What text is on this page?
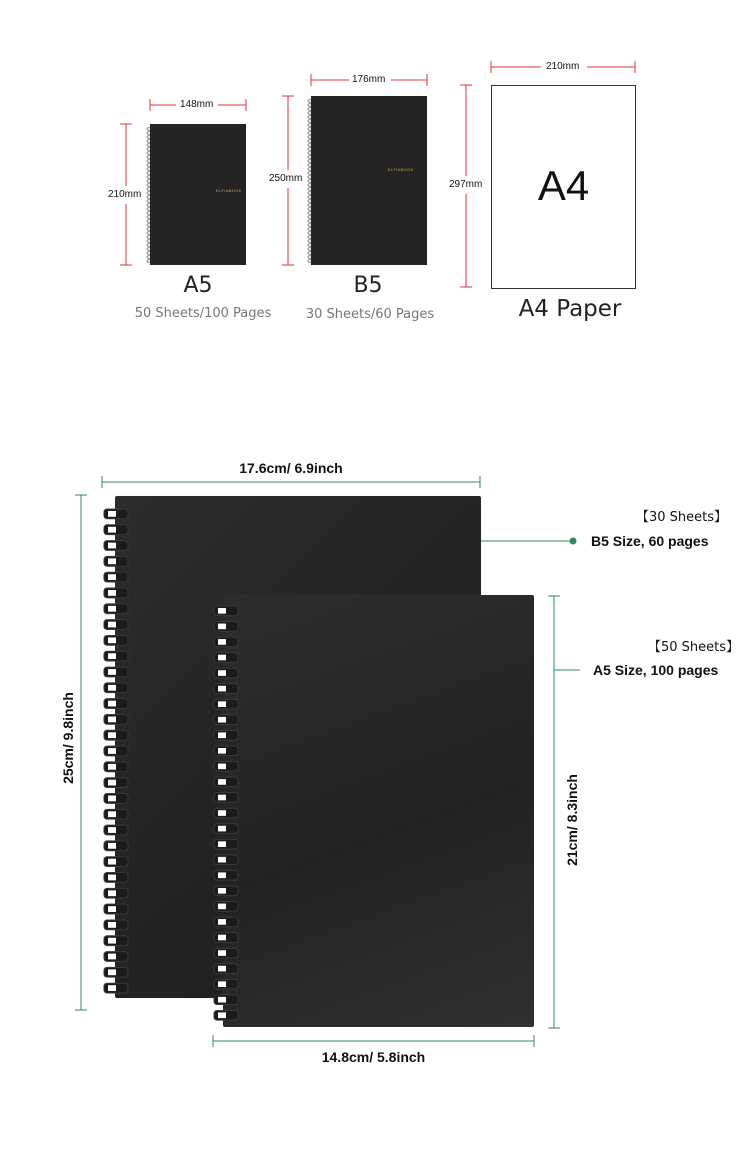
ELFINBOOK
148mm
210mm
A5
50 Sheets/100 Pages
ELFINBOOK
176mm
250mm
B5
30 Sheets/60 Pages
A4
210mm
297mm
A4 Paper
17.6cm/ 6.9inch
25cm/ 9.8inch
14.8cm/ 5.8inch
21cm/ 8.3inch
【30 Sheets】
B5 Size, 60 pages
【50 Sheets】
A5 Size, 100 pages
